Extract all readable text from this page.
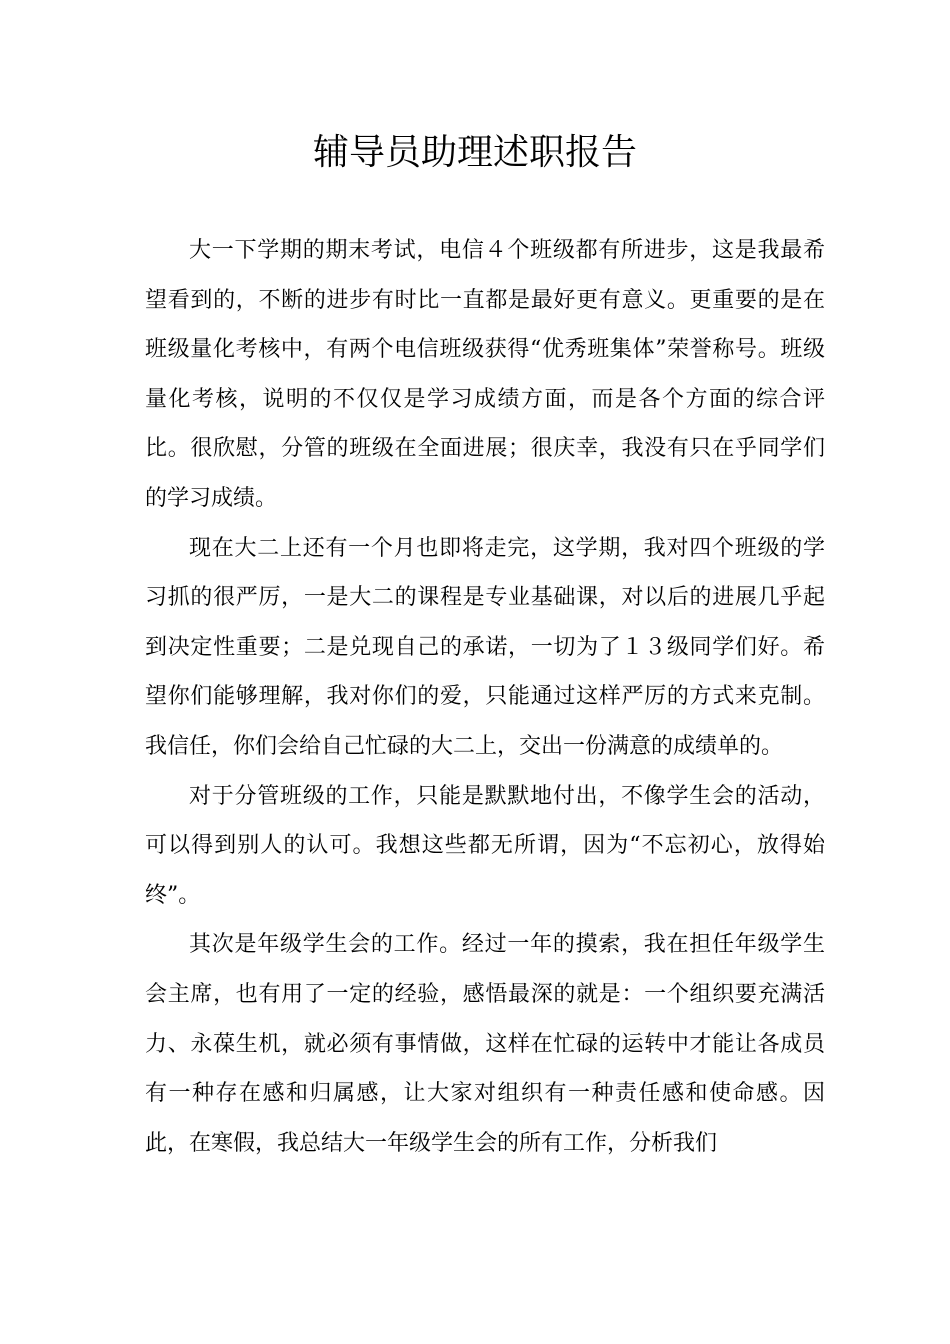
辅导员助理述职报告

大一下学期的期末考试，电信４个班级都有所进步，这是我最希望看到的，不断的进步有时比一直都是最好更有意义。更重要的是在班级量化考核中，有两个电信班级获得“优秀班集体”荣誉称号。班级量化考核，说明的不仅仅是学习成绩方面，而是各个方面的综合评比。很欣慰，分管的班级在全面进展；很庆幸，我没有只在乎同学们的学习成绩。

现在大二上还有一个月也即将走完，这学期，我对四个班级的学习抓的很严厉，一是大二的课程是专业基础课，对以后的进展几乎起到决定性重要；二是兑现自己的承诺，一切为了１３级同学们好。希望你们能够理解，我对你们的爱，只能通过这样严厉的方式来克制。我信任，你们会给自己忙碌的大二上，交出一份满意的成绩单的。

对于分管班级的工作，只能是默默地付出，不像学生会的活动，可以得到别人的认可。我想这些都无所谓，因为“不忘初心，放得始终”。

其次是年级学生会的工作。经过一年的摸索，我在担任年级学生会主席，也有用了一定的经验，感悟最深的就是：一个组织要充满活力、永葆生机，就必须有事情做，这样在忙碌的运转中才能让各成员有一种存在感和归属感，让大家对组织有一种责任感和使命感。因此，在寒假，我总结大一年级学生会的所有工作，分析我们
